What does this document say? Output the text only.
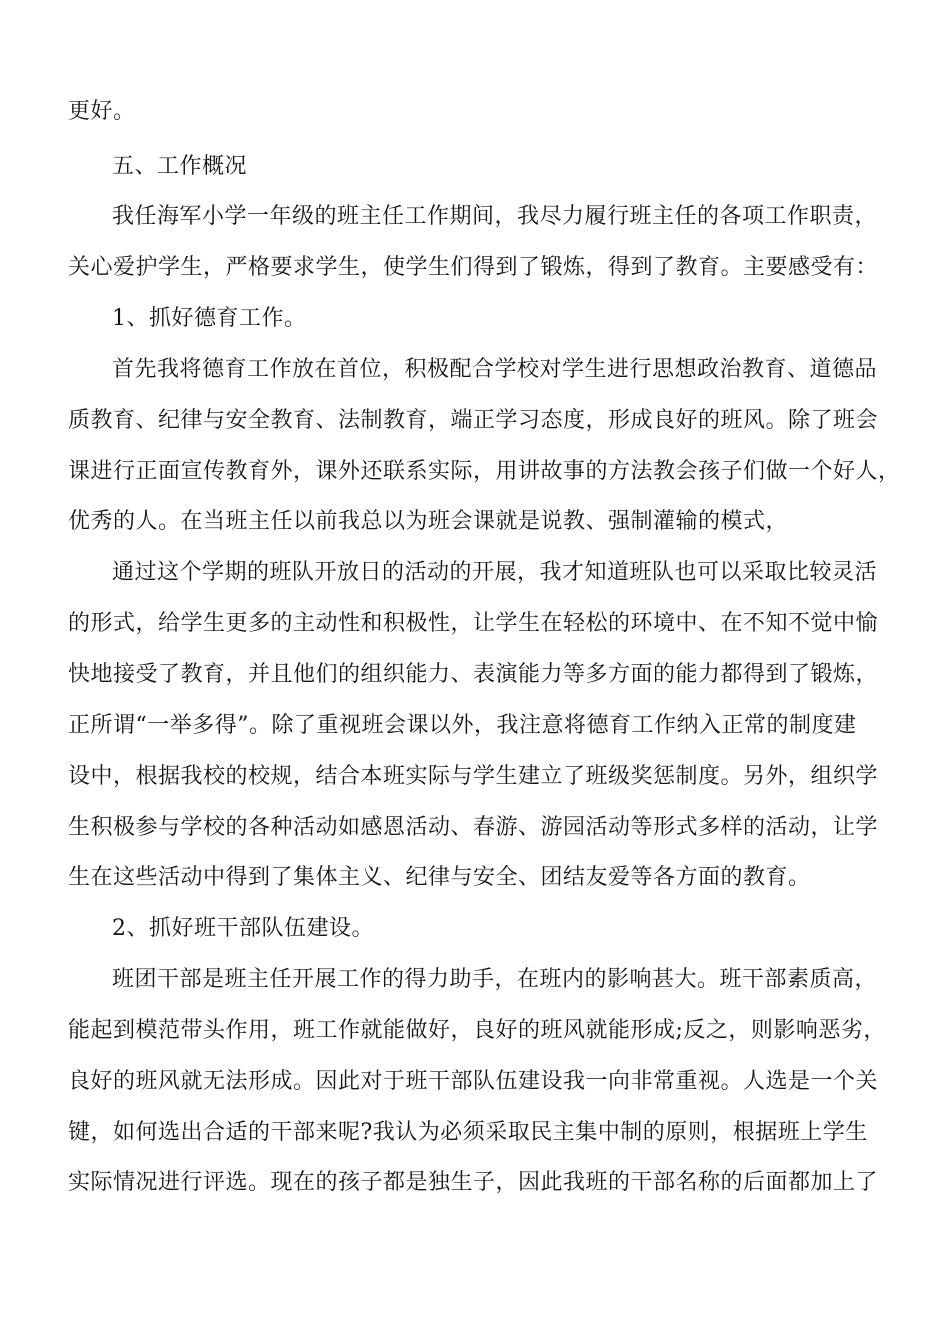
更好。
五、工作概况
我任海军小学一年级的班主任工作期间，我尽力履行班主任的各项工作职责，
关心爱护学生，严格要求学生，使学生们得到了锻炼，得到了教育。主要感受有：
1、抓好德育工作。
首先我将德育工作放在首位，积极配合学校对学生进行思想政治教育、道德品
质教育、纪律与安全教育、法制教育，端正学习态度，形成良好的班风。除了班会
课进行正面宣传教育外，课外还联系实际，用讲故事的方法教会孩子们做一个好人，
优秀的人。在当班主任以前我总以为班会课就是说教、强制灌输的模式，
通过这个学期的班队开放日的活动的开展，我才知道班队也可以采取比较灵活
的形式，给学生更多的主动性和积极性，让学生在轻松的环境中、在不知不觉中愉
快地接受了教育，并且他们的组织能力、表演能力等多方面的能力都得到了锻炼，
正所谓“一举多得”。除了重视班会课以外，我注意将德育工作纳入正常的制度建
设中，根据我校的校规，结合本班实际与学生建立了班级奖惩制度。另外，组织学
生积极参与学校的各种活动如感恩活动、春游、游园活动等形式多样的活动，让学
生在这些活动中得到了集体主义、纪律与安全、团结友爱等各方面的教育。
2、抓好班干部队伍建设。
班团干部是班主任开展工作的得力助手，在班内的影响甚大。班干部素质高，
能起到模范带头作用，班工作就能做好，良好的班风就能形成;反之，则影响恶劣，
良好的班风就无法形成。因此对于班干部队伍建设我一向非常重视。人选是一个关
键，如何选出合适的干部来呢?我认为必须采取民主集中制的原则，根据班上学生
实际情况进行评选。现在的孩子都是独生子，因此我班的干部名称的后面都加上了
